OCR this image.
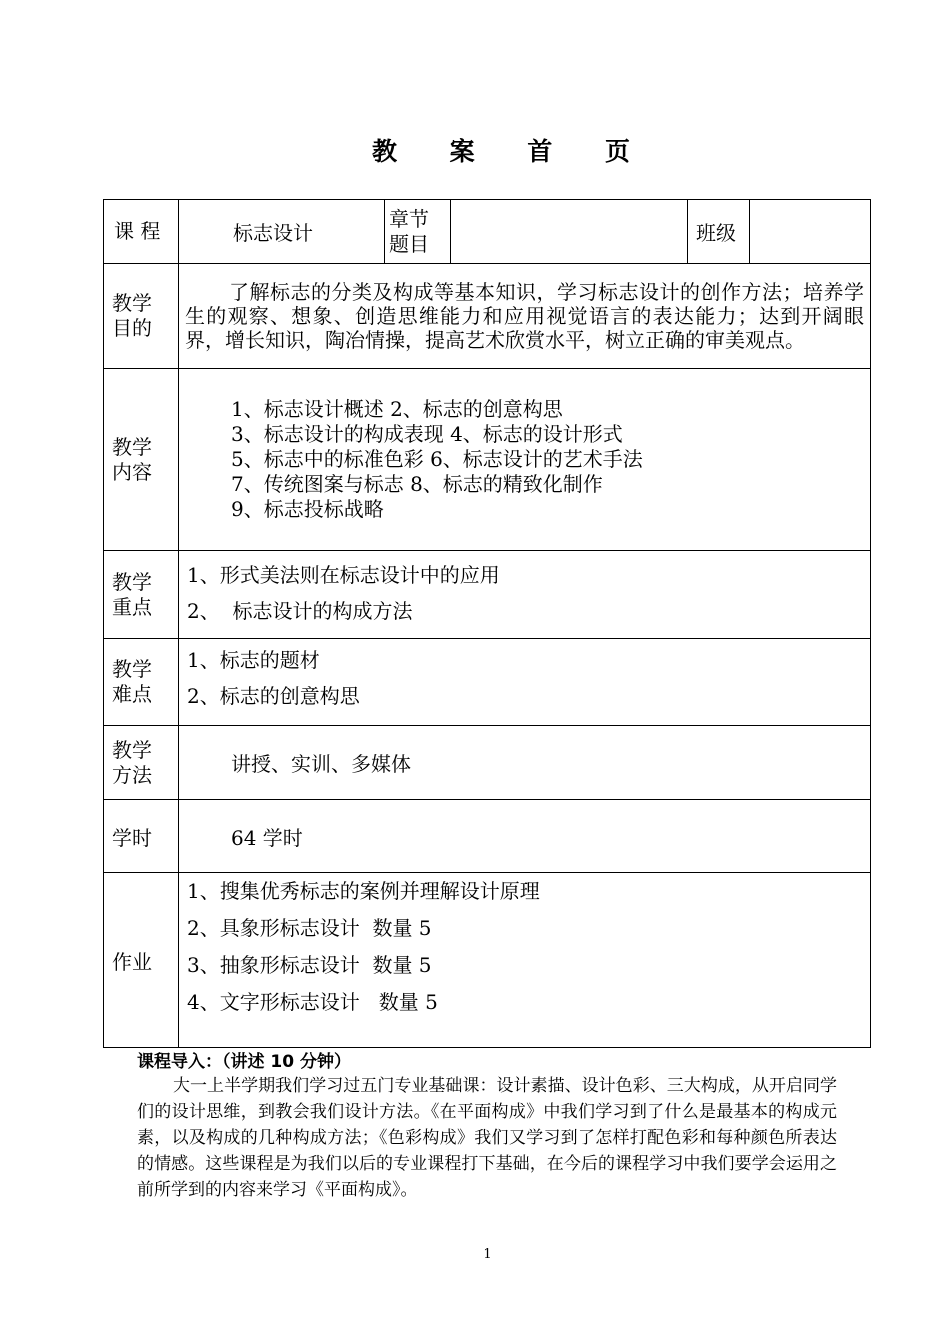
教 案 首 页
课 程	标志设计	章节题目		班级	

教学目的	了解标志的分类及构成等基本知识，学习标志设计的创作方法；培养学生的观察、想象、创造思维能力和应用视觉语言的表达能力；达到开阔眼界，增长知识，陶冶情操，提高艺术欣赏水平，树立正确的审美观点。				

教学内容	1、标志设计概述 2、标志的创意构思
3、标志设计的构成表现 4、标志的设计形式
5、标志中的标准色彩 6、标志设计的艺术手法
7、传统图案与标志 8、标志的精致化制作
9、标志投标战略				

教学重点	1、形式美法则在标志设计中的应用
2、  标志设计的构成方法				

教学难点	1、标志的题材
2、标志的创意构思				

教学方法	讲授、实训、多媒体				
学时	64 学时				
作业	1、搜集优秀标志的案例并理解设计原理
2、具象形标志设计  数量 5
3、抽象形标志设计  数量 5
4、文字形标志设计   数量 5				
课程导入：（讲述 10 分钟）
大一上半学期我们学习过五门专业基础课：设计素描、设计色彩、三大构成，从开启同学们的设计思维，到教会我们设计方法。《在平面构成》中我们学习到了什么是最基本的构成元素，以及构成的几种构成方法；《色彩构成》我们又学习到了怎样打配色彩和每种颜色所表达的情感。这些课程是为我们以后的专业课程打下基础，在今后的课程学习中我们要学会运用之前所学到的内容来学习《平面构成》。
1
